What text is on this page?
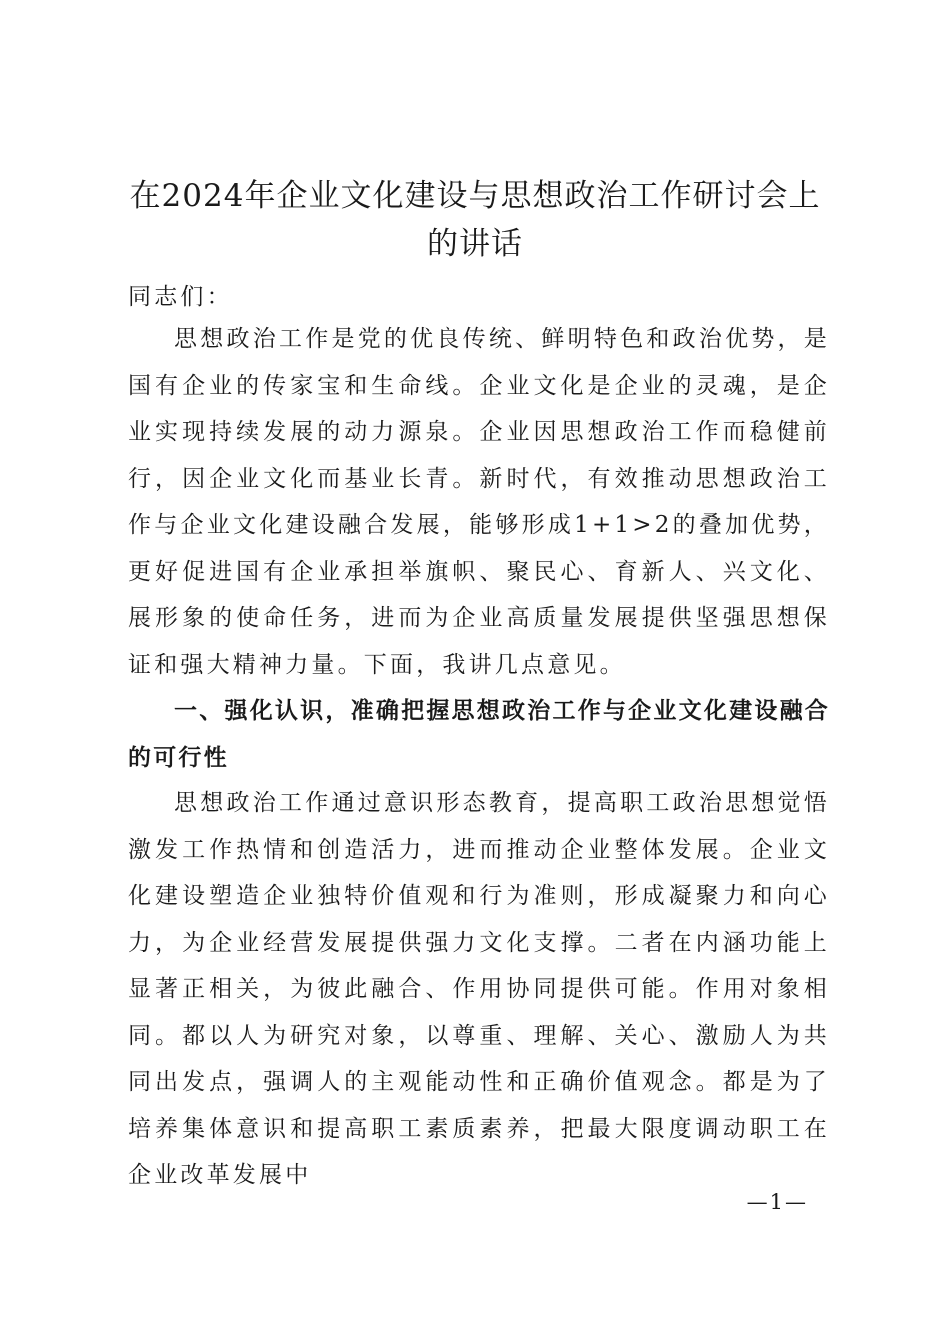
在2024年企业文化建设与思想政治工作研讨会上的讲话

同志们：

思想政治工作是党的优良传统、鲜明特色和政治优势，是国有企业的传家宝和生命线。企业文化是企业的灵魂，是企业实现持续发展的动力源泉。企业因思想政治工作而稳健前行，因企业文化而基业长青。新时代，有效推动思想政治工作与企业文化建设融合发展，能够形成1+1>2的叠加优势，更好促进国有企业承担举旗帜、聚民心、育新人、兴文化、展形象的使命任务，进而为企业高质量发展提供坚强思想保证和强大精神力量。下面，我讲几点意见。

一、强化认识，准确把握思想政治工作与企业文化建设融合的可行性

思想政治工作通过意识形态教育，提高职工政治思想觉悟激发工作热情和创造活力，进而推动企业整体发展。企业文化建设塑造企业独特价值观和行为准则，形成凝聚力和向心力，为企业经营发展提供强力文化支撑。二者在内涵功能上显著正相关，为彼此融合、作用协同提供可能。作用对象相同。都以人为研究对象，以尊重、理解、关心、激励人为共同出发点，强调人的主观能动性和正确价值观念。都是为了培养集体意识和提高职工素质素养，把最大限度调动职工在企业改革发展中

—1—
